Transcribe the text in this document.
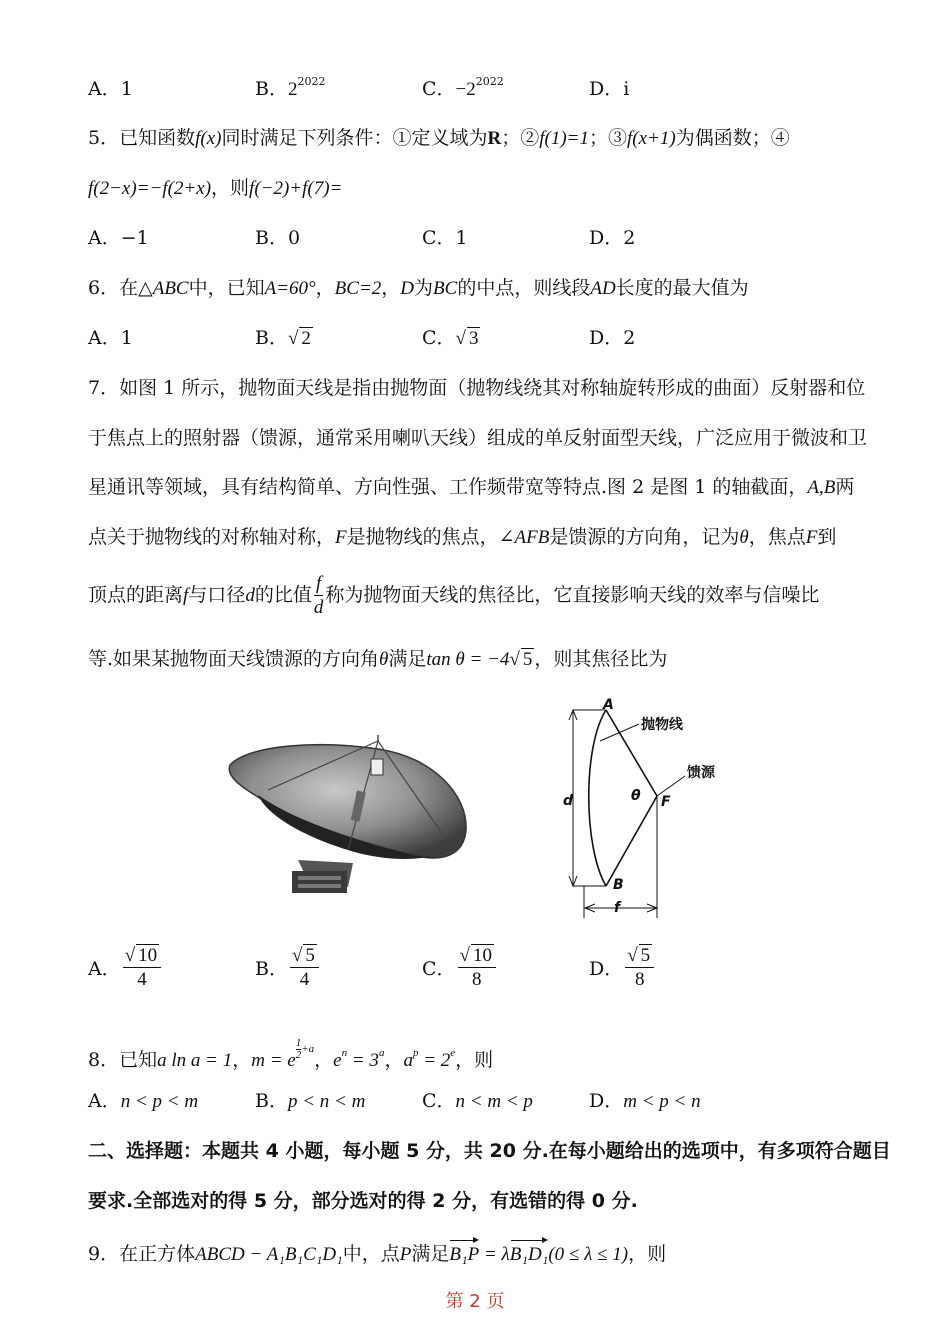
A．1	B．$2^{2022}$	C．$-2^{2022}$	D．i
5．已知函数f(x)同时满足下列条件：①定义域为R；②f(1)=1；③f(x+1)为偶函数；④
f(2−x)=−f(2+x)，则f(−2)+f(7)=
A．−1	B．0	C．1	D．2
6．在△ABC中，已知A=60°，BC=2，D为BC的中点，则线段AD长度的最大值为
A．1	B．√ 2	C．√ 3	D．2
7．如图 1 所示，抛物面天线是指由抛物面（抛物线绕其对称轴旋转形成的曲面）反射器和位
于焦点上的照射器（馈源，通常采用喇叭天线）组成的单反射面型天线，广泛应用于微波和卫
星通讯等领域，具有结构简单、方向性强、工作频带宽等特点.图 2 是图 1 的轴截面，A,B两
点关于抛物线的对称轴对称，F是抛物线的焦点，∠AFB是馈源的方向角，记为θ，焦点F到
顶点的距离f与口径d的比值 $\frac{f}{d}$ 称为抛物面天线的焦径比，它直接影响天线的效率与信噪比
等.如果某抛物面天线馈源的方向角θ满足tan θ = −4√ 5 ，则其焦径比为
A
B
F
d
f
θ
抛物线
馈源
A． $\frac{√ 10}{4}$	B． $\frac{√ 5}{4}$	C． $\frac{√ 10}{8}$	D． $\frac{√ 5}{8}$
8．已知a ln a = 1，m = e $\frac{1}{2} +a$，$e^n = 3^a$，$a^p = 2^e$，则
A．n < p < m	B．p < n < m	C．n < m < p	D．m < p < n
二、选择题：本题共 4 小题，每小题 5 分，共 20 分.在每小题给出的选项中，有多项符合题目
要求.全部选对的得 5 分，部分选对的得 2 分，有选错的得 0 分.
9．在正方体ABCD − A₁B₁C₁D₁中，点P满足B₁P = λB₁D₁(0 ≤ λ ≤ 1)，则
第 2 页
